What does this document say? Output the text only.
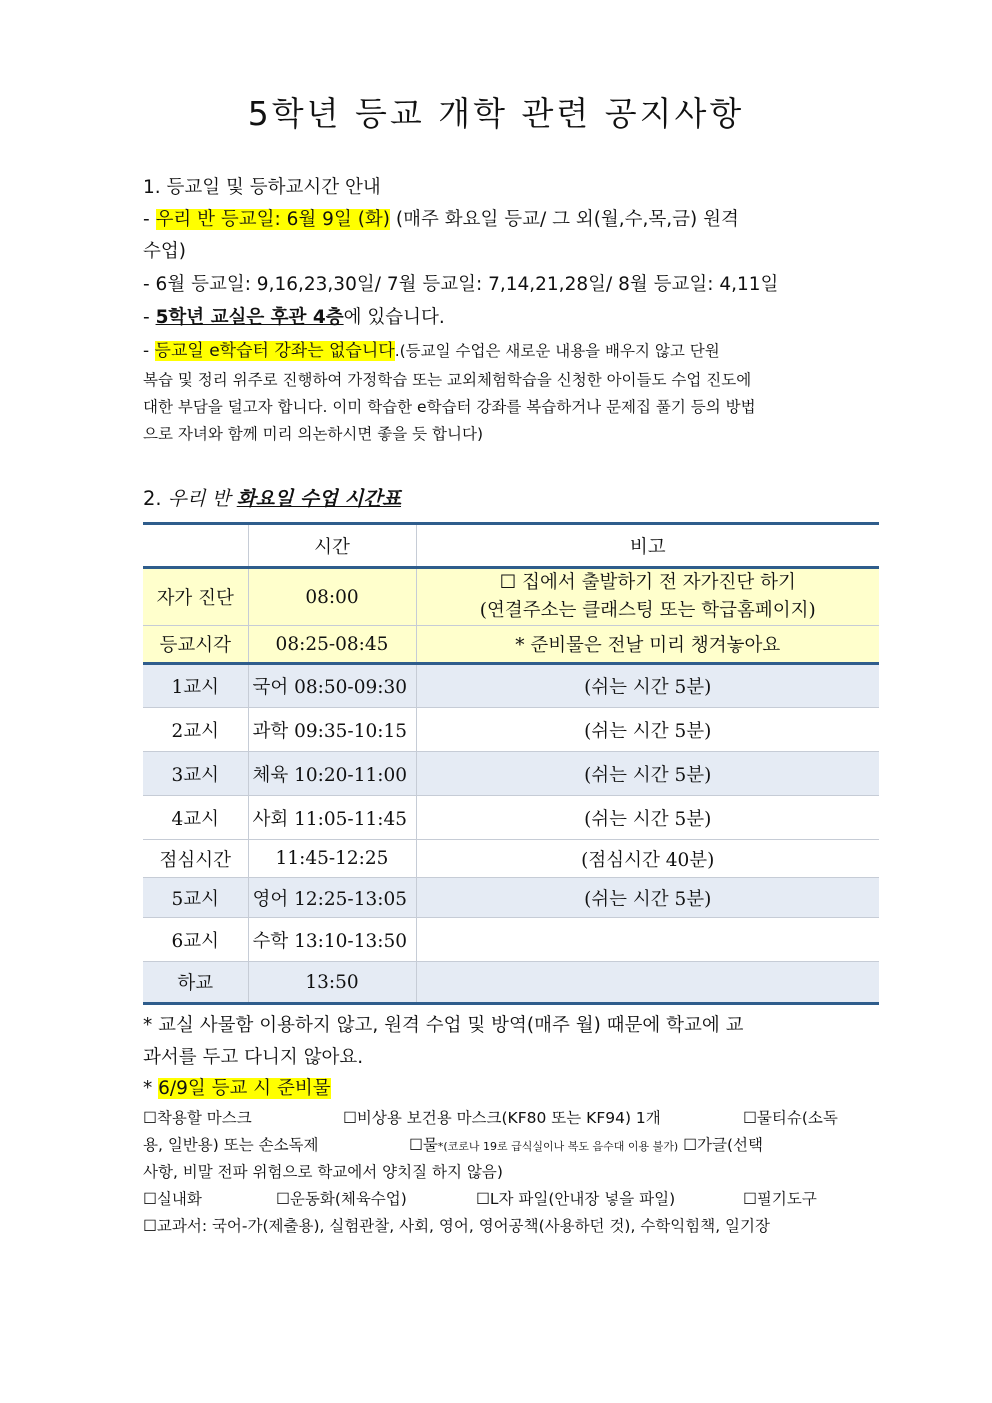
5학년 등교 개학 관련 공지사항
1. 등교일 및 등하교시간 안내
- 우리 반 등교일: 6월 9일 (화) (매주 화요일 등교/ 그 외(월,수,목,금) 원격
수업)
- 6월 등교일: 9,16,23,30일/ 7월 등교일: 7,14,21,28일/ 8월 등교일: 4,11일
- 5학년 교실은 후관 4층에 있습니다.
- 등교일 e학습터 강좌는 없습니다.(등교일 수업은 새로운 내용을 배우지 않고 단원
복습 및 정리 위주로 진행하여 가정학습 또는 교외체험학습을 신청한 아이들도 수업 진도에
대한 부담을 덜고자 합니다. 이미 학습한 e학습터 강좌를 복습하거나 문제집 풀기 등의 방법
으로 자녀와 함께 미리 의논하시면 좋을 듯 합니다)
2. 우리 반 화요일 수업 시간표
	시간	비고
자가 진단	08:00	☐ 집에서 출발하기 전 자가진단 하기
(연결주소는 클래스팅 또는 학급홈페이지)

등교시각	08:25-08:45	* 준비물은 전날 미리 챙겨놓아요
1교시	국어 08:50-09:30	(쉬는 시간 5분)
2교시	과학 09:35-10:15	(쉬는 시간 5분)
3교시	체육 10:20-11:00	(쉬는 시간 5분)
4교시	사회 11:05-11:45	(쉬는 시간 5분)
점심시간	11:45-12:25	(점심시간 40분)
5교시	영어 12:25-13:05	(쉬는 시간 5분)
6교시	수학 13:10-13:50	
하교	13:50	
* 교실 사물함 이용하지 않고, 원격 수업 및 방역(매주 월) 때문에 학교에 교
과서를 두고 다니지 않아요.
* 6/9일 등교 시 준비물
☐착용할 마스크	☐비상용 보건용 마스크(KF80 또는 KF94) 1개	☐물티슈(소독
용, 일반용) 또는 손소독제	☐물*(코로나 19로 급식실이나 복도 음수대 이용 불가) ☐가글(선택
사항, 비말 전파 위험으로 학교에서 양치질 하지 않음)
☐실내화	☐운동화(체육수업)	☐L자 파일(안내장 넣을 파일)	☐필기도구
☐교과서: 국어-가(제출용), 실험관찰, 사회, 영어, 영어공책(사용하던 것), 수학익힘책, 일기장
